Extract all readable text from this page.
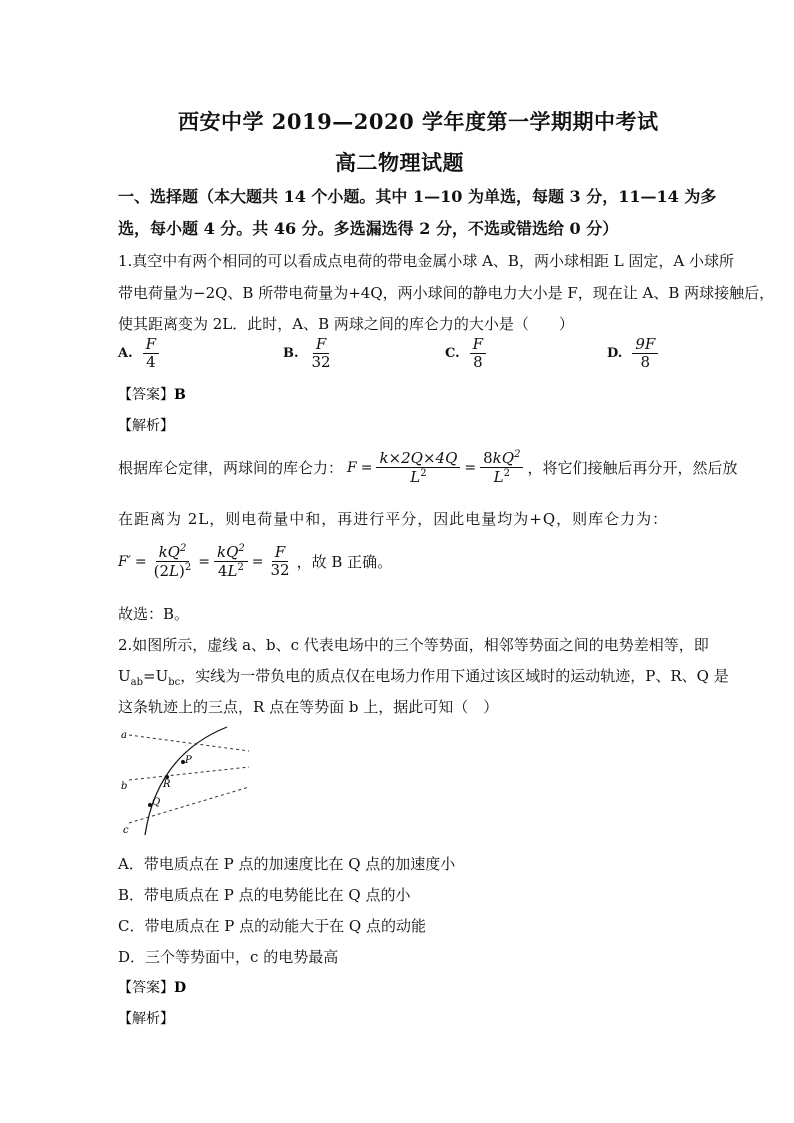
西安中学 2019—2020 学年度第一学期期中考试
高二物理试题
一、选择题（本大题共 14 个小题。其中 1—10 为单选，每题 3 分，11—14 为多
选，每小题 4 分。共 46 分。多选漏选得 2 分，不选或错选给 0 分）
1.真空中有两个相同的可以看成点电荷的带电金属小球 A、B，两小球相距 L 固定，A 小球所
带电荷量为−2Q、B 所带电荷量为+4Q，两小球间的静电力大小是 F，现在让 A、B 两球接触后，
使其距离变为 2L．此时，A、B 两球之间的库仑力的大小是（　　）
A. $\frac{F}{4}$	B. $\frac{F}{32}$	C. $\frac{F}{8}$	D. $\frac{9F}{8}$
【答案】B
【解析】
根据库仑定律，两球间的库仑力： $F = \frac{k\times 2Q\times 4Q}{L^2} = \frac{8kQ^2}{L^2}$ ，将它们接触后再分开，然后放
在距离为 2L，则电荷量中和，再进行平分，因此电量均为+Q，则库仑力为：
$F' = \frac{kQ^2}{(2L)^2} = \frac{kQ^2}{4L^2} = \frac{F}{32}$ ，故 B 正确。
故选：B。
2.如图所示，虚线 a、b、c 代表电场中的三个等势面，相邻等势面之间的电势差相等，即
$U_{ab}=U_{bc}$，实线为一带负电的质点仅在电场力作用下通过该区域时的运动轨迹，P、R、Q 是
这条轨迹上的三点，R 点在等势面 b 上，据此可知（　）
a
b
c
P
R
Q
A．带电质点在 P 点的加速度比在 Q 点的加速度小
B．带电质点在 P 点的电势能比在 Q 点的小
C．带电质点在 P 点的动能大于在 Q 点的动能
D．三个等势面中，c 的电势最高
【答案】D
【解析】
